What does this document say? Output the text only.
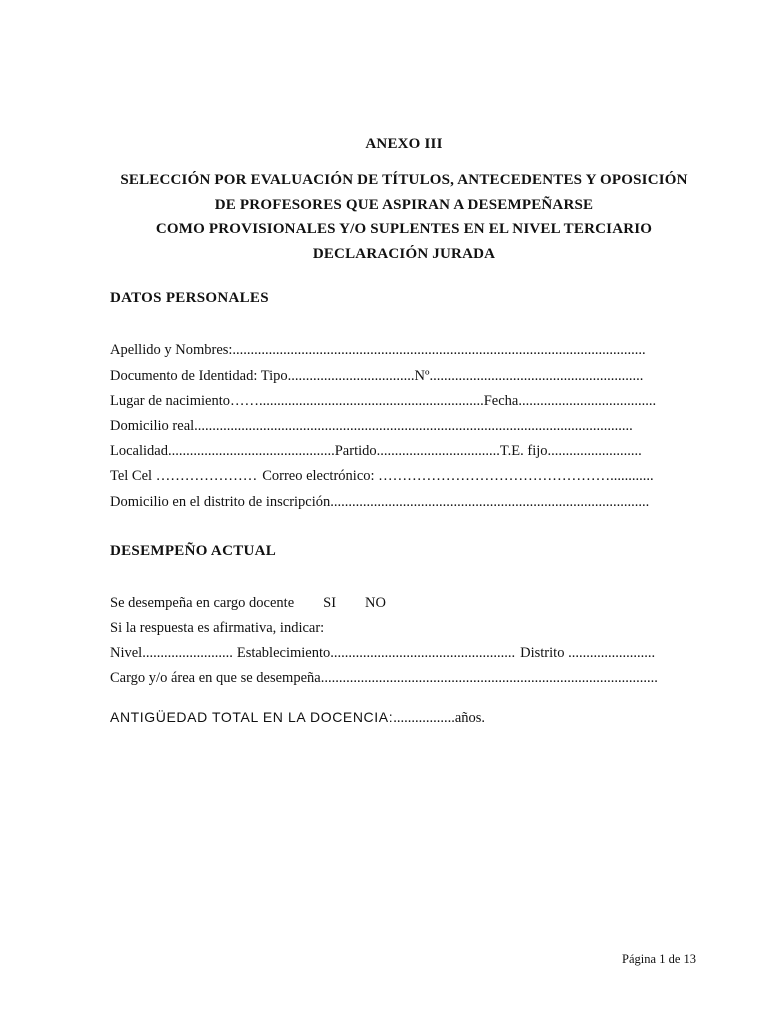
ANEXO III
SELECCIÓN POR EVALUACIÓN DE TÍTULOS, ANTECEDENTES Y OPOSICIÓN
DE PROFESORES QUE ASPIRAN A DESEMPEÑARSE
COMO PROVISIONALES Y/O SUPLENTES EN EL NIVEL TERCIARIO
DECLARACIÓN JURADA
DATOS PERSONALES
Apellido y Nombres:..................................................................................................................
Documento de Identidad: Tipo...................................Nº...........................................................
Lugar de nacimiento……..............................................................Fecha......................................
Domicilio real.........................................................................................................................
Localidad..............................................Partido..................................T.E. fijo..........................
Tel Cel ………………… Correo electrónico: …………………………………………............
Domicilio en el distrito de inscripción........................................................................................
DESEMPEÑO ACTUAL
Se desempeña en cargo docente SI NO
Si la respuesta es afirmativa, indicar:
Nivel......................... Establecimiento................................................... Distrito ........................
Cargo y/o área en que se desempeña.............................................................................................
ANTIGÜEDAD TOTAL EN LA DOCENCIA:.................años.
Página 1 de 13
